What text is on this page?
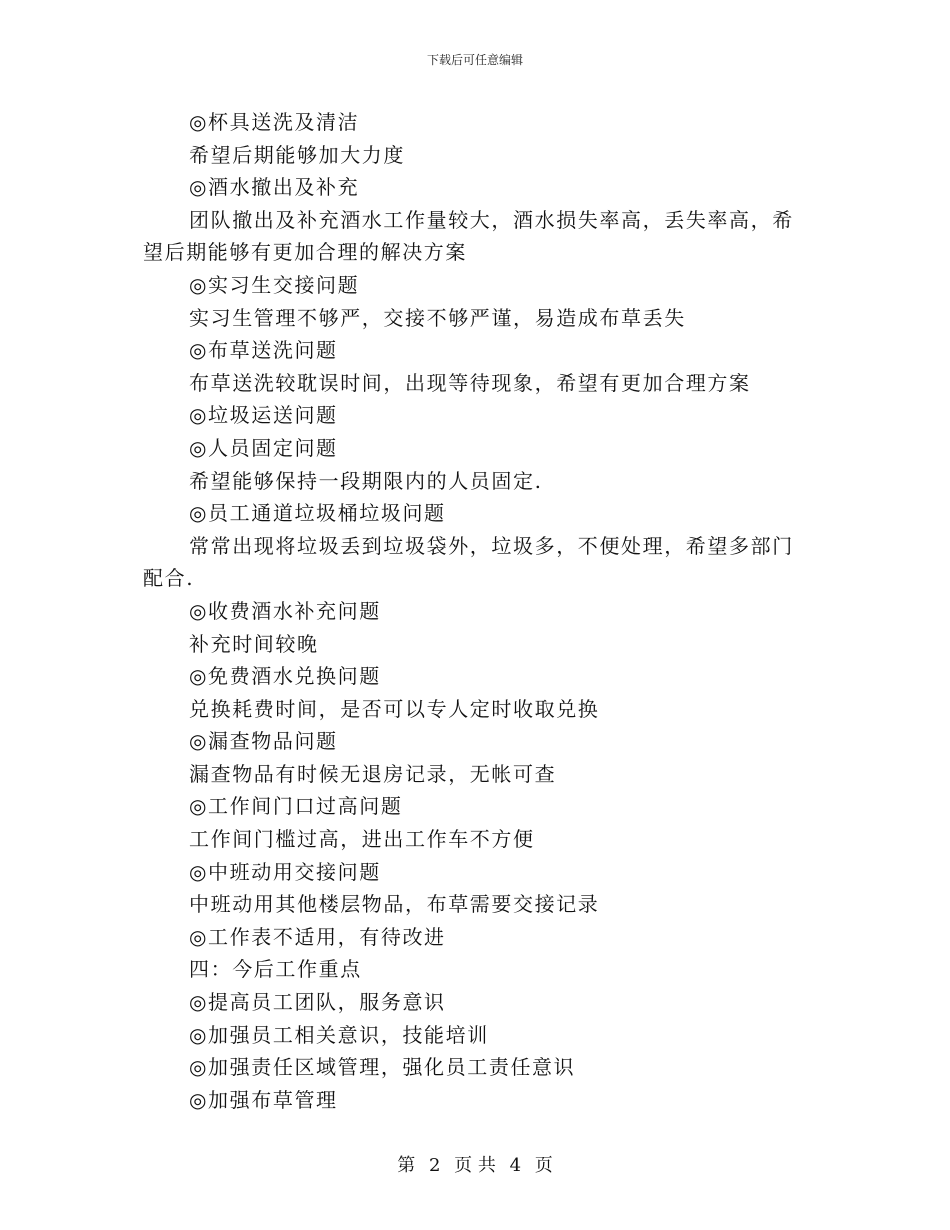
下载后可任意编辑
◎杯具送洗及清洁
希望后期能够加大力度
◎酒水撤出及补充
团队撤出及补充酒水工作量较大，酒水损失率高，丢失率高，希
望后期能够有更加合理的解决方案
◎实习生交接问题
实习生管理不够严，交接不够严谨，易造成布草丢失
◎布草送洗问题
布草送洗较耽误时间，出现等待现象，希望有更加合理方案
◎垃圾运送问题
◎人员固定问题
希望能够保持一段期限内的人员固定.
◎员工通道垃圾桶垃圾问题
常常出现将垃圾丢到垃圾袋外，垃圾多，不便处理，希望多部门
配合.
◎收费酒水补充问题
补充时间较晚
◎免费酒水兑换问题
兑换耗费时间，是否可以专人定时收取兑换
◎漏查物品问题
漏查物品有时候无退房记录，无帐可查
◎工作间门口过高问题
工作间门槛过高，进出工作车不方便
◎中班动用交接问题
中班动用其他楼层物品，布草需要交接记录
◎工作表不适用，有待改进
四：今后工作重点
◎提高员工团队，服务意识
◎加强员工相关意识，技能培训
◎加强责任区域管理，强化员工责任意识
◎加强布草管理
第 2 页 共 4 页
